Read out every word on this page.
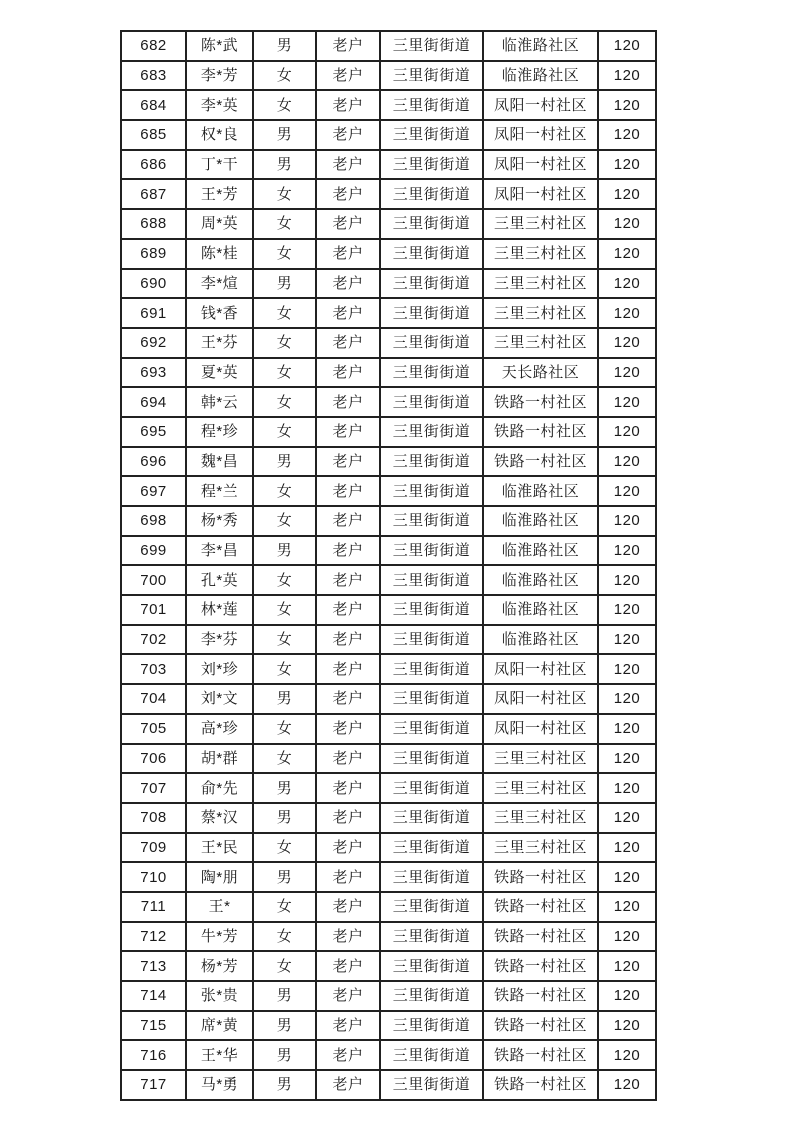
682	陈*武	男	老户	三里街街道	临淮路社区	120
683	李*芳	女	老户	三里街街道	临淮路社区	120
684	李*英	女	老户	三里街街道	凤阳一村社区	120
685	权*良	男	老户	三里街街道	凤阳一村社区	120
686	丁*干	男	老户	三里街街道	凤阳一村社区	120
687	王*芳	女	老户	三里街街道	凤阳一村社区	120
688	周*英	女	老户	三里街街道	三里三村社区	120
689	陈*桂	女	老户	三里街街道	三里三村社区	120
690	李*煊	男	老户	三里街街道	三里三村社区	120
691	钱*香	女	老户	三里街街道	三里三村社区	120
692	王*芬	女	老户	三里街街道	三里三村社区	120
693	夏*英	女	老户	三里街街道	天长路社区	120
694	韩*云	女	老户	三里街街道	铁路一村社区	120
695	程*珍	女	老户	三里街街道	铁路一村社区	120
696	魏*昌	男	老户	三里街街道	铁路一村社区	120
697	程*兰	女	老户	三里街街道	临淮路社区	120
698	杨*秀	女	老户	三里街街道	临淮路社区	120
699	李*昌	男	老户	三里街街道	临淮路社区	120
700	孔*英	女	老户	三里街街道	临淮路社区	120
701	林*莲	女	老户	三里街街道	临淮路社区	120
702	李*芬	女	老户	三里街街道	临淮路社区	120
703	刘*珍	女	老户	三里街街道	凤阳一村社区	120
704	刘*文	男	老户	三里街街道	凤阳一村社区	120
705	高*珍	女	老户	三里街街道	凤阳一村社区	120
706	胡*群	女	老户	三里街街道	三里三村社区	120
707	俞*先	男	老户	三里街街道	三里三村社区	120
708	蔡*汉	男	老户	三里街街道	三里三村社区	120
709	王*民	女	老户	三里街街道	三里三村社区	120
710	陶*朋	男	老户	三里街街道	铁路一村社区	120
711	王*	女	老户	三里街街道	铁路一村社区	120
712	牛*芳	女	老户	三里街街道	铁路一村社区	120
713	杨*芳	女	老户	三里街街道	铁路一村社区	120
714	张*贵	男	老户	三里街街道	铁路一村社区	120
715	席*黄	男	老户	三里街街道	铁路一村社区	120
716	王*华	男	老户	三里街街道	铁路一村社区	120
717	马*勇	男	老户	三里街街道	铁路一村社区	120
